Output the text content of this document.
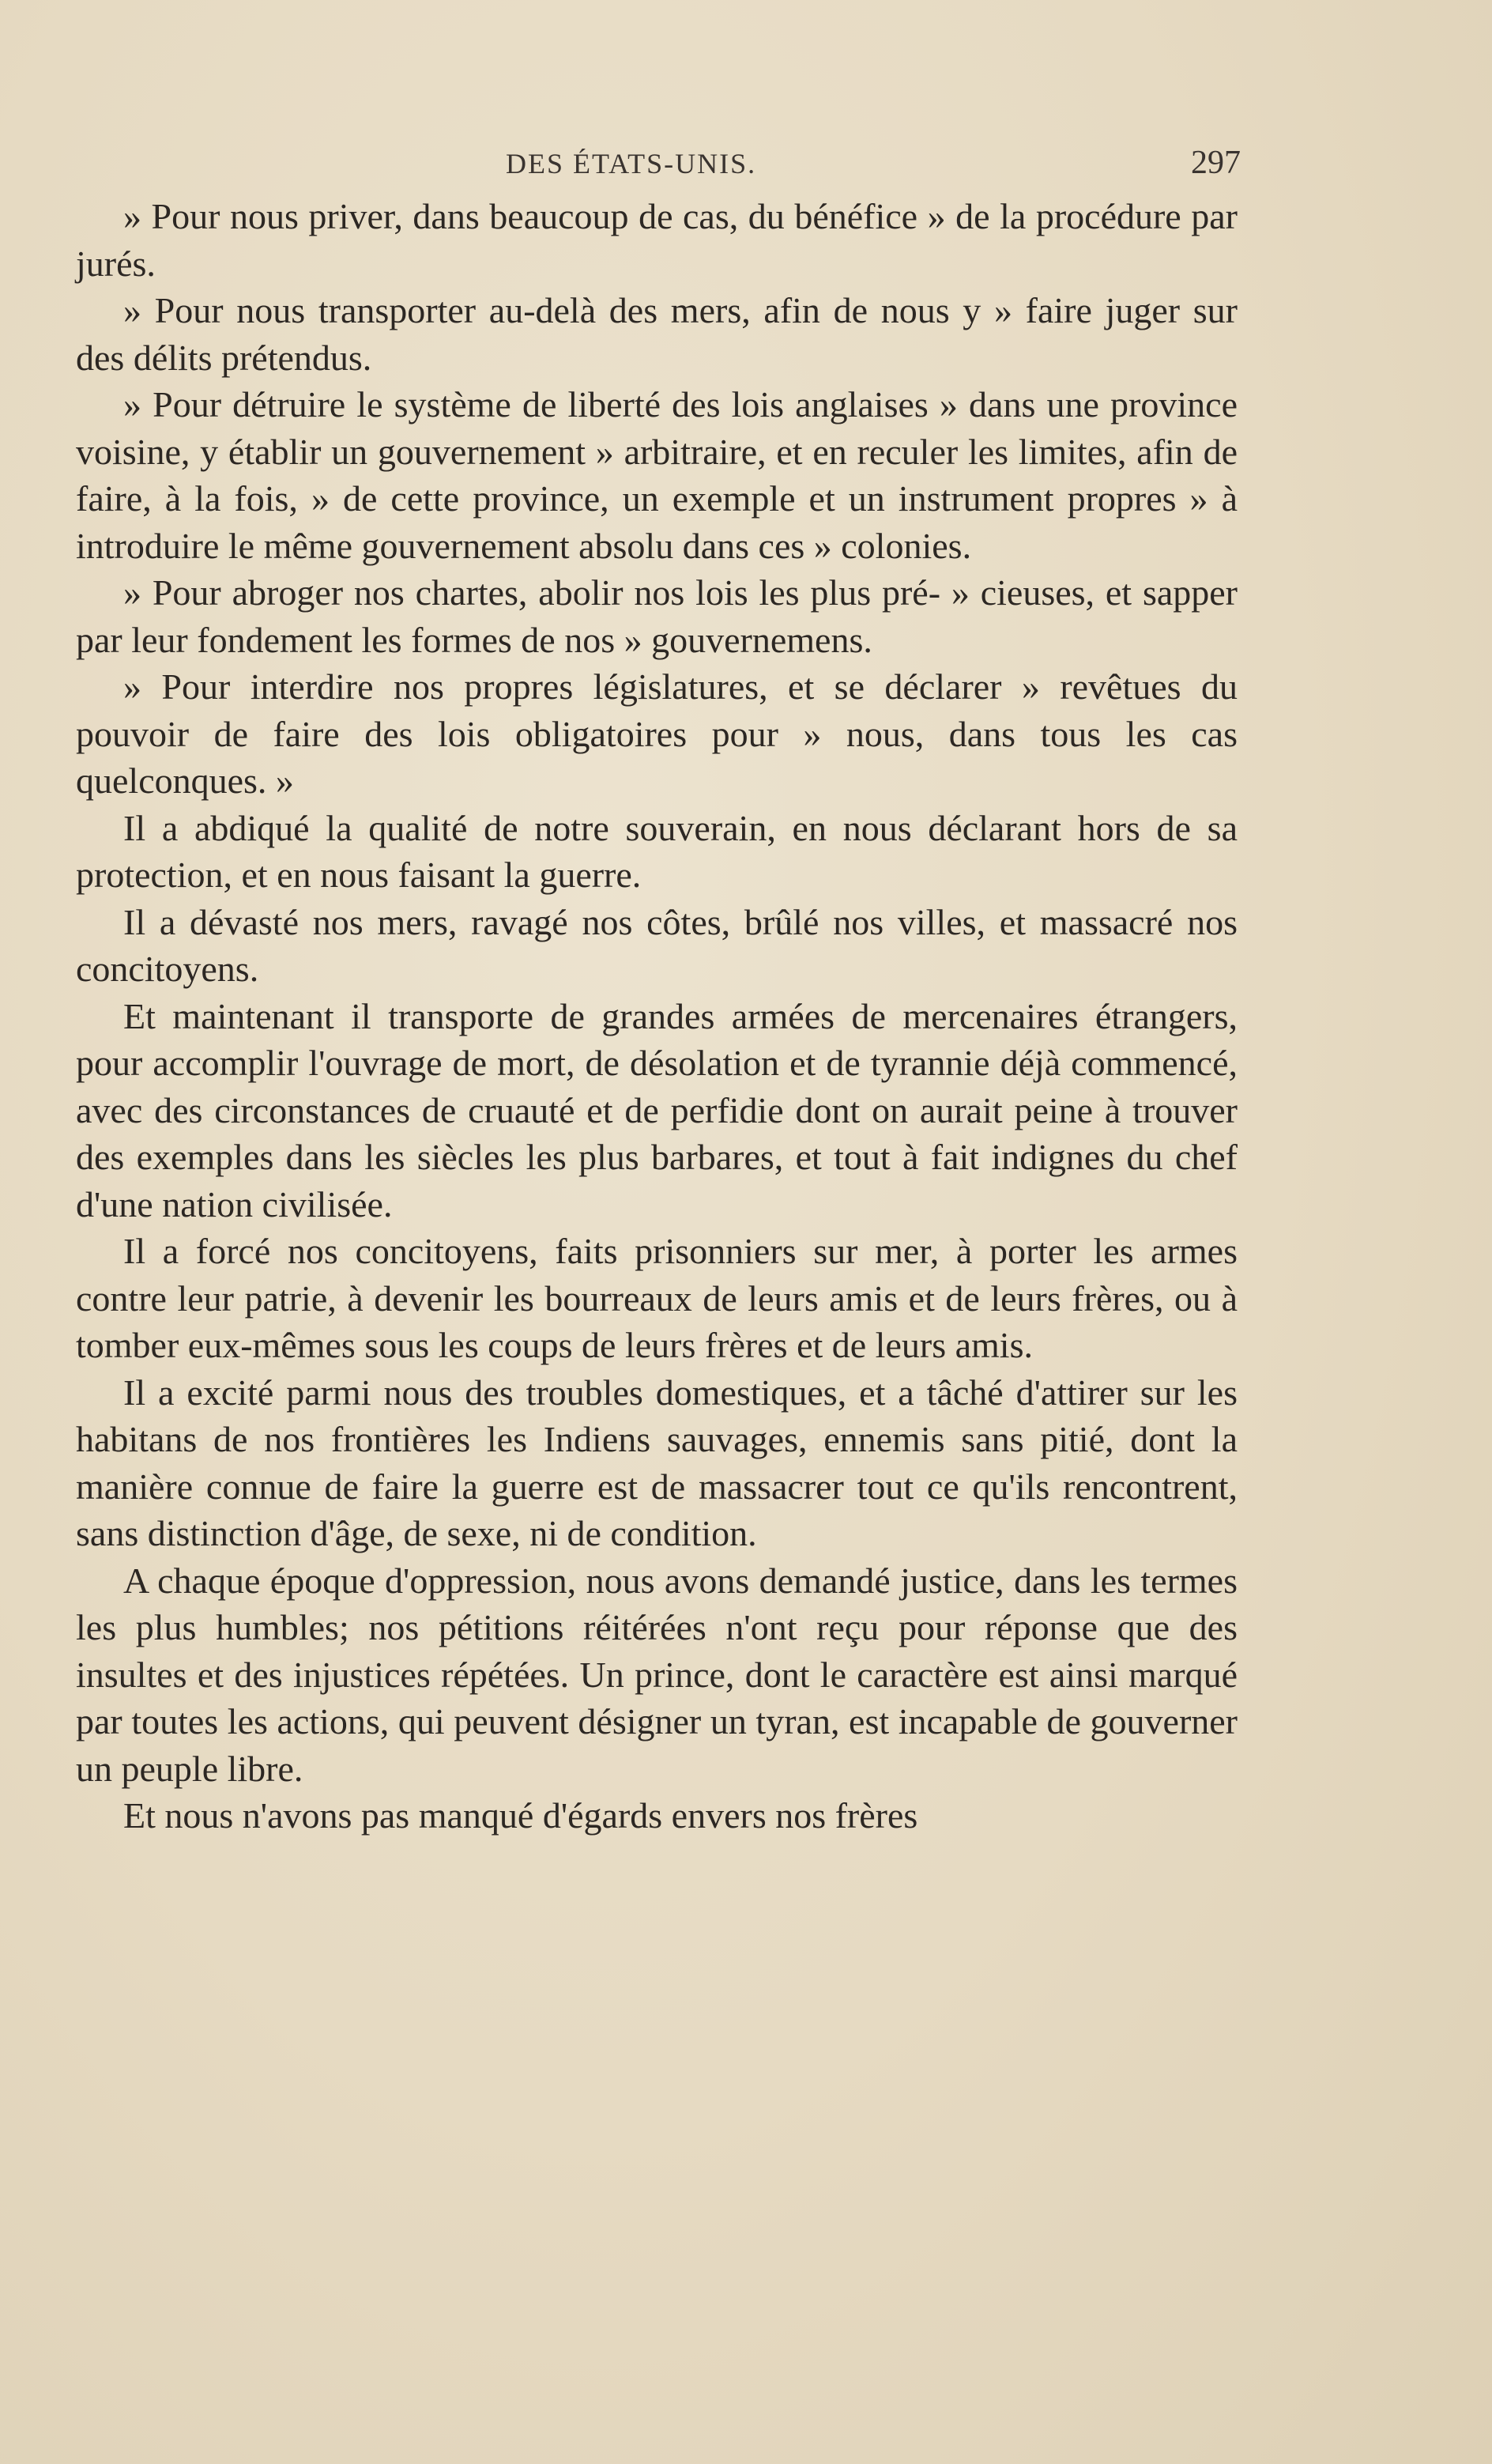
DES ÉTATS-UNIS.	297

» Pour nous priver, dans beaucoup de cas, du bénéfice » de la procédure par jurés.

» Pour nous transporter au-delà des mers, afin de nous y » faire juger sur des délits prétendus.

» Pour détruire le système de liberté des lois anglaises » dans une province voisine, y établir un gouvernement » arbitraire, et en reculer les limites, afin de faire, à la fois, » de cette province, un exemple et un instrument propres » à introduire le même gouvernement absolu dans ces » colonies.

» Pour abroger nos chartes, abolir nos lois les plus pré- » cieuses, et sapper par leur fondement les formes de nos » gouvernemens.

» Pour interdire nos propres législatures, et se déclarer » revêtues du pouvoir de faire des lois obligatoires pour » nous, dans tous les cas quelconques. »

Il a abdiqué la qualité de notre souverain, en nous déclarant hors de sa protection, et en nous faisant la guerre.

Il a dévasté nos mers, ravagé nos côtes, brûlé nos villes, et massacré nos concitoyens.

Et maintenant il transporte de grandes armées de mercenaires étrangers, pour accomplir l'ouvrage de mort, de désolation et de tyrannie déjà commencé, avec des circonstances de cruauté et de perfidie dont on aurait peine à trouver des exemples dans les siècles les plus barbares, et tout à fait indignes du chef d'une nation civilisée.

Il a forcé nos concitoyens, faits prisonniers sur mer, à porter les armes contre leur patrie, à devenir les bourreaux de leurs amis et de leurs frères, ou à tomber eux-mêmes sous les coups de leurs frères et de leurs amis.

Il a excité parmi nous des troubles domestiques, et a tâché d'attirer sur les habitans de nos frontières les Indiens sauvages, ennemis sans pitié, dont la manière connue de faire la guerre est de massacrer tout ce qu'ils rencontrent, sans distinction d'âge, de sexe, ni de condition.

A chaque époque d'oppression, nous avons demandé justice, dans les termes les plus humbles; nos pétitions réitérées n'ont reçu pour réponse que des insultes et des injustices répétées. Un prince, dont le caractère est ainsi marqué par toutes les actions, qui peuvent désigner un tyran, est incapable de gouverner un peuple libre.

Et nous n'avons pas manqué d'égards envers nos frères
